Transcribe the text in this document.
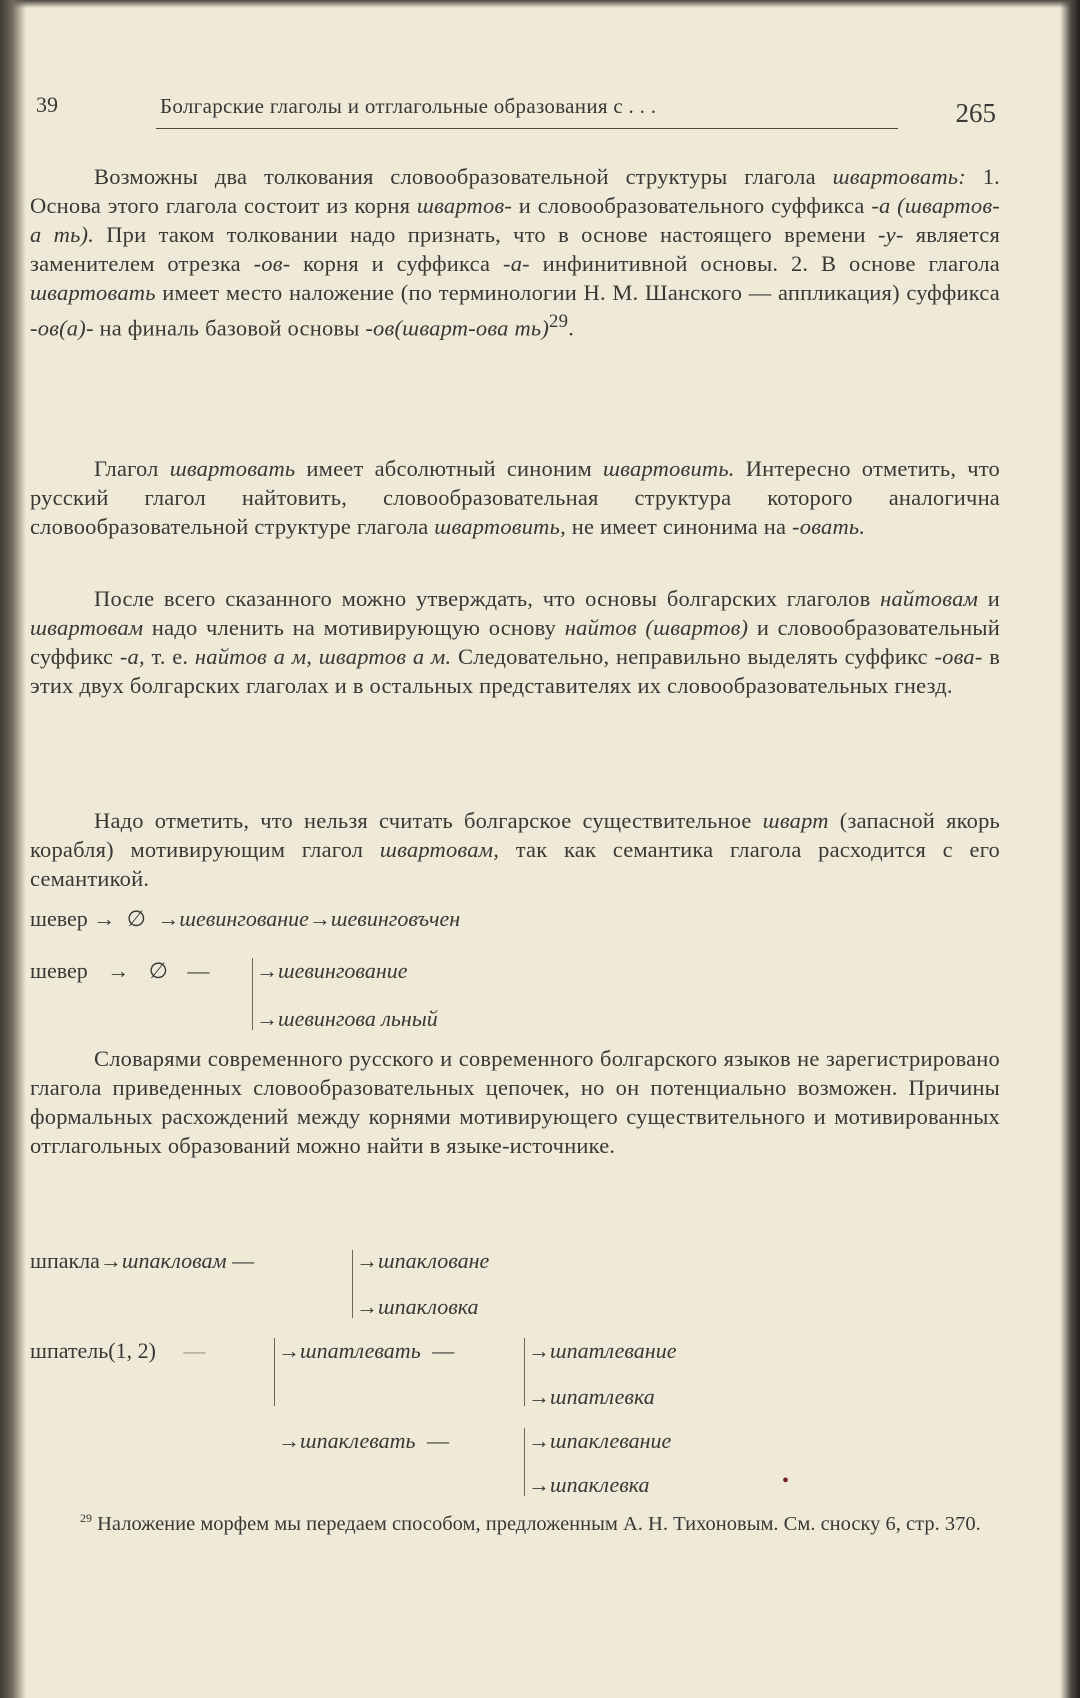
39	Болгарские глаголы и отглагольные образования с . . .	265
Возможны два толкования словообразовательной структуры глагола швартовать: 1. Основа этого глагола состоит из корня швартов- и словообразовательного суффикса -а (швартов-а ть). При таком толковании надо признать, что в основе настоящего времени -у- является заменителем отрезка -ов- корня и суффикса -а- инфинитивной основы. 2. В основе глагола швартовать имеет место наложение (по терминологии Н. М. Шанского — аппликация) суффикса -ов(а)- на финаль базовой основы -ов(шварт-ова ть)$^{29}$.
Глагол швартовать имеет абсолютный синоним швартовить. Интересно отметить, что русский глагол найтовить, словообразовательная структура которого аналогична словообразовательной структуре глагола швартовить, не имеет синонима на -овать.
После всего сказанного можно утверждать, что основы болгарских глаголов найтовам и швартовам надо членить на мотивирующую основу найтов (швартов) и словообразовательный суффикс -а, т. е. найтов а м, швартов а м. Следовательно, неправильно выделять суффикс -ова- в этих двух болгарских глаголах и в остальных представителях их словообразовательных гнезд.
Надо отметить, что нельзя считать болгарское существительное шварт (запасной якорь корабля) мотивирующим глагол швартовам, так как семантика глагола расходится с его семантикой.
шевер → ∅ →шевингование→шевинговъчен
шевер → ∅ — →шевингование
→шевингова льный
Словарями современного русского и современного болгарского языков не зарегистрировано глагола приведенных словообразовательных цепочек, но он потенциально возможен. Причины формальных расхождений между корнями мотивирующего существительного и мотивированных отглагольных образований можно найти в языке-источнике.
шпакла→шпакловам —	→шпакловане
→шпакловка
шпатель(1, 2) —	→шпатлевать —	→шпатлевание
→шпатлевка
→шпаклевать —	→шпаклевание
→шпаклевка	•
$^{29}$ Наложение морфем мы передаем способом, предложенным А. Н. Тихоновым. См. сноску 6, стр. 370.
